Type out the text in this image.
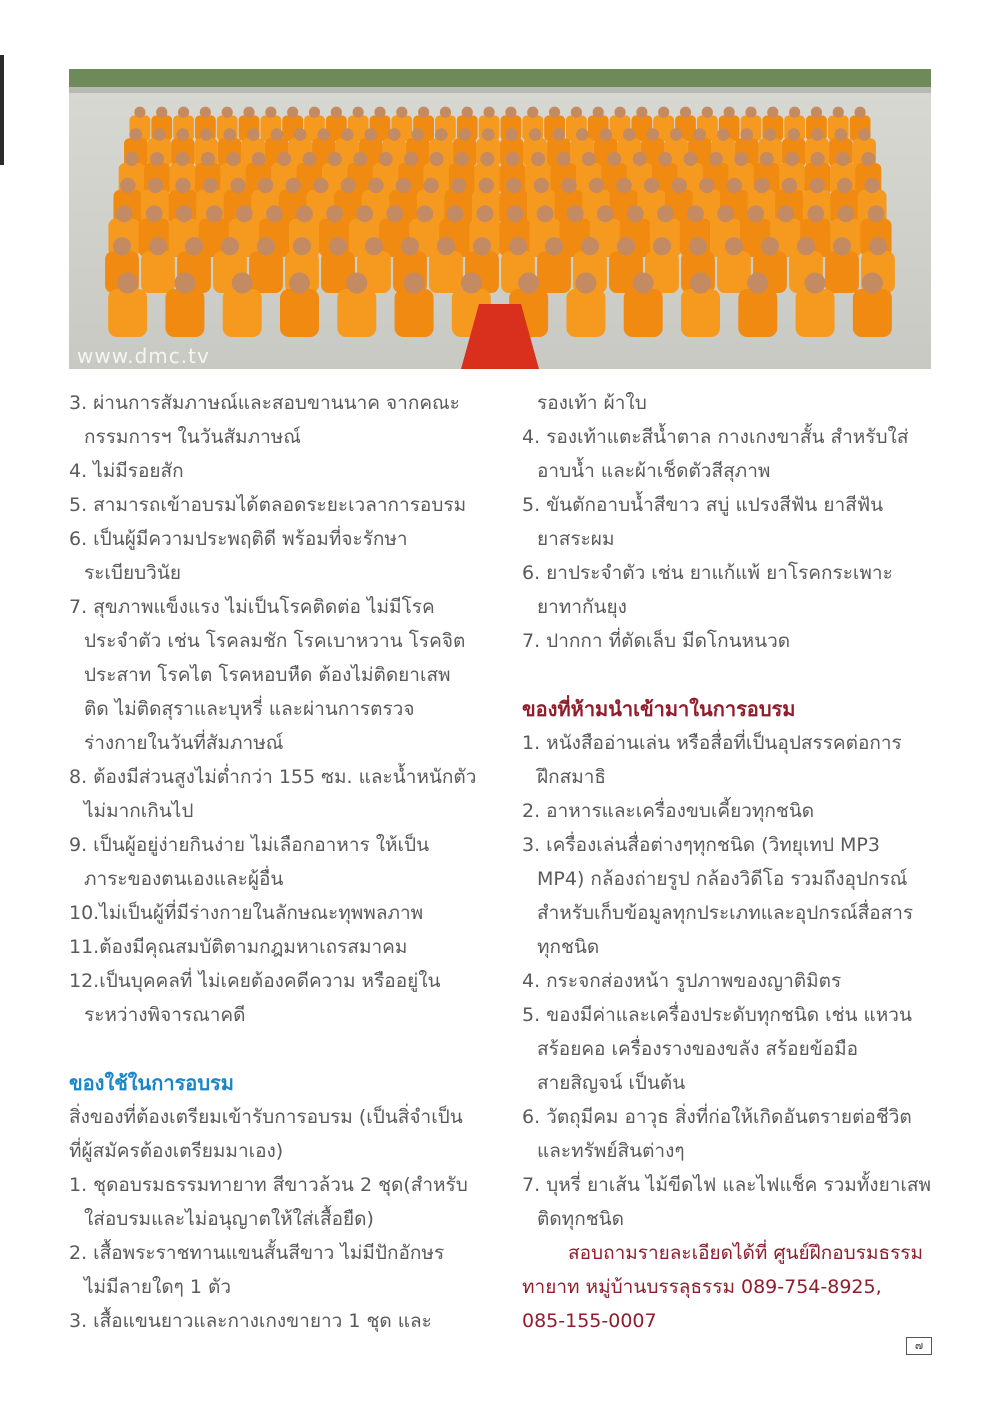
www.dmc.tv
3. ผ่านการสัมภาษณ์และสอบขานนาค จากคณะ
กรรมการฯ ในวันสัมภาษณ์
4. ไม่มีรอยสัก
5. สามารถเข้าอบรมได้ตลอดระยะเวลาการอบรม
6. เป็นผู้มีความประพฤติดี พร้อมที่จะรักษา
ระเบียบวินัย
7. สุขภาพแข็งแรง ไม่เป็นโรคติดต่อ ไม่มีโรค
ประจำตัว เช่น โรคลมชัก โรคเบาหวาน โรคจิต
ประสาท โรคไต โรคหอบหืด ต้องไม่ติดยาเสพ
ติด ไม่ติดสุราและบุหรี่ และผ่านการตรวจ
ร่างกายในวันที่สัมภาษณ์
8. ต้องมีส่วนสูงไม่ต่ำกว่า 155 ซม. และน้ำหนักตัว
ไม่มากเกินไป
9. เป็นผู้อยู่ง่ายกินง่าย ไม่เลือกอาหาร ให้เป็น
ภาระของตนเองและผู้อื่น
10.ไม่เป็นผู้ที่มีร่างกายในลักษณะทุพพลภาพ
11.ต้องมีคุณสมบัติตามกฎมหาเถรสมาคม
12.เป็นบุคคลที่ ไม่เคยต้องคดีความ หรืออยู่ใน
ระหว่างพิจารณาคดี
ของใช้ในการอบรม
สิ่งของที่ต้องเตรียมเข้ารับการอบรม (เป็นสิ่จำเป็น
ที่ผู้สมัครต้องเตรียมมาเอง)
1. ชุดอบรมธรรมทายาท สีขาวล้วน 2 ชุด(สำหรับ
ใส่อบรมและไม่อนุญาตให้ใส่เสื้อยืด)
2. เสื้อพระราชทานแขนสั้นสีขาว ไม่มีปักอักษร
ไม่มีลายใดๆ 1 ตัว
3. เสื้อแขนยาวและกางเกงขายาว 1 ชุด และ
รองเท้า ผ้าใบ
4. รองเท้าแตะสีน้ำตาล กางเกงขาสั้น สำหรับใส่
อาบน้ำ และผ้าเช็ดตัวสีสุภาพ
5. ขันตักอาบน้ำสีขาว สบู่ แปรงสีฟัน ยาสีฟัน
ยาสระผม
6. ยาประจำตัว เช่น ยาแก้แพ้ ยาโรคกระเพาะ
ยาทากันยุง
7. ปากกา ที่ตัดเล็บ มีดโกนหนวด
ของที่ห้ามนำเข้ามาในการอบรม
1. หนังสืออ่านเล่น หรือสื่อที่เป็นอุปสรรคต่อการ
ฝึกสมาธิ
2. อาหารและเครื่องขบเคี้ยวทุกชนิด
3. เครื่องเล่นสื่อต่างๆทุกชนิด (วิทยุเทป MP3
MP4) กล้องถ่ายรูป กล้องวิดีโอ รวมถึงอุปกรณ์
สำหรับเก็บข้อมูลทุกประเภทและอุปกรณ์สื่อสาร
ทุกชนิด
4. กระจกส่องหน้า รูปภาพของญาติมิตร
5. ของมีค่าและเครื่องประดับทุกชนิด เช่น แหวน
สร้อยคอ เครื่องรางของขลัง สร้อยข้อมือ
สายสิญจน์ เป็นต้น
6. วัตถุมีคม อาวุธ สิ่งที่ก่อให้เกิดอันตรายต่อชีวิต
และทรัพย์สินต่างๆ
7. บุหรี่ ยาเส้น ไม้ขีดไฟ และไฟแช็ค รวมทั้งยาเสพ
ติดทุกชนิด
สอบถามรายละเอียดได้ที่ ศูนย์ฝึกอบรมธรรม
ทายาท หมู่บ้านบรรลุธรรม 089-754-8925,
085-155-0007
๗
